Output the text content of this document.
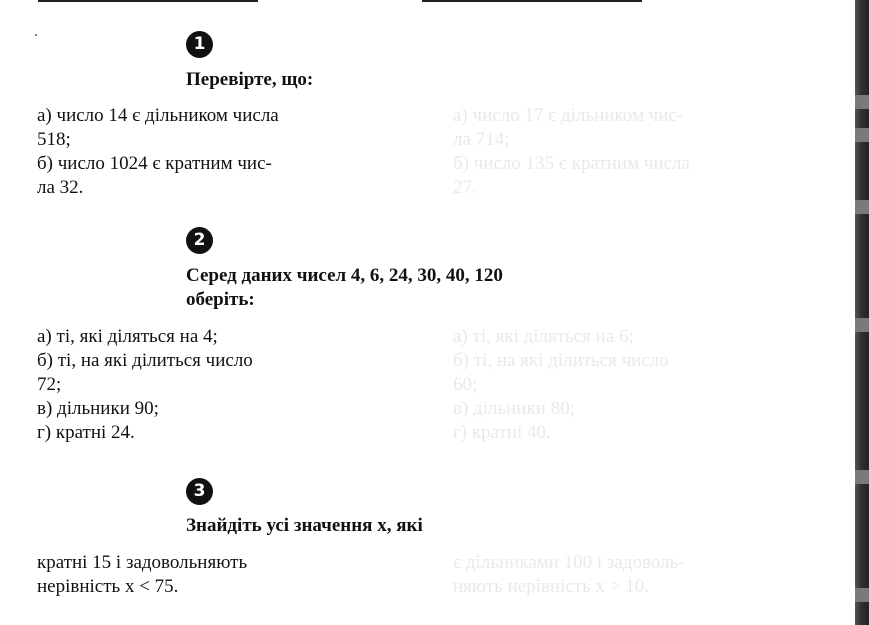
1
Перевірте, що:
а) число 14 є дільником числа
518;
б) число 1024 є кратним чис-
ла 32.
а) число 17 є дільником чис-
ла 714;
б) число 135 є кратним числа
27.
2
Серед даних чисел 4, 6, 24, 30, 40, 120
оберіть:
а) ті, які діляться на 4;
б) ті, на які ділиться число
72;
в) дільники 90;
г) кратні 24.
а) ті, які діляться на 6;
б) ті, на які ділиться число
60;
в) дільники 80;
г) кратні 40.
3
Знайдіть усі значення x, які
кратні 15 і задовольняють
нерівність x < 75.
є дільниками 100 і задоволь-
няють нерівність x > 10.
